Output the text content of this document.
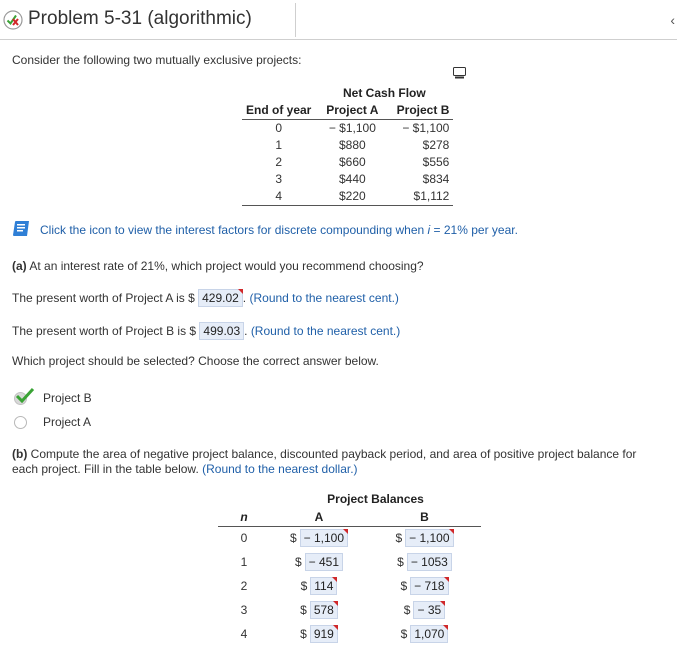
Problem 5-31 (algorithmic)	‹
Consider the following two mutually exclusive projects:
	Net Cash Flow	
End of year	Project A	Project B
0	− $1,100	− $1,100
1	$880	$278
2	$660	$556
3	$440	$834
4	$220	$1,112
Click the icon to view the interest factors for discrete compounding when i = 21% per year.
(a) At an interest rate of 21%, which project would you recommend choosing?
The present worth of Project A is $ 429.02 . (Round to the nearest cent.)
The present worth of Project B is $ 499.03 . (Round to the nearest cent.)
Which project should be selected? Choose the correct answer below.
Project B
Project A
(b) Compute the area of negative project balance, discounted payback period, and area of positive project balance for
each project. Fill in the table below. (Round to the nearest dollar.)
	Project Balances	
n	A	B
0	$ − 1,100	$ − 1,100

1	$ − 451	$ − 1053
2	$ 114	$ − 718

3	$ 578	$ − 35

4	$ 919	$ 1,070
